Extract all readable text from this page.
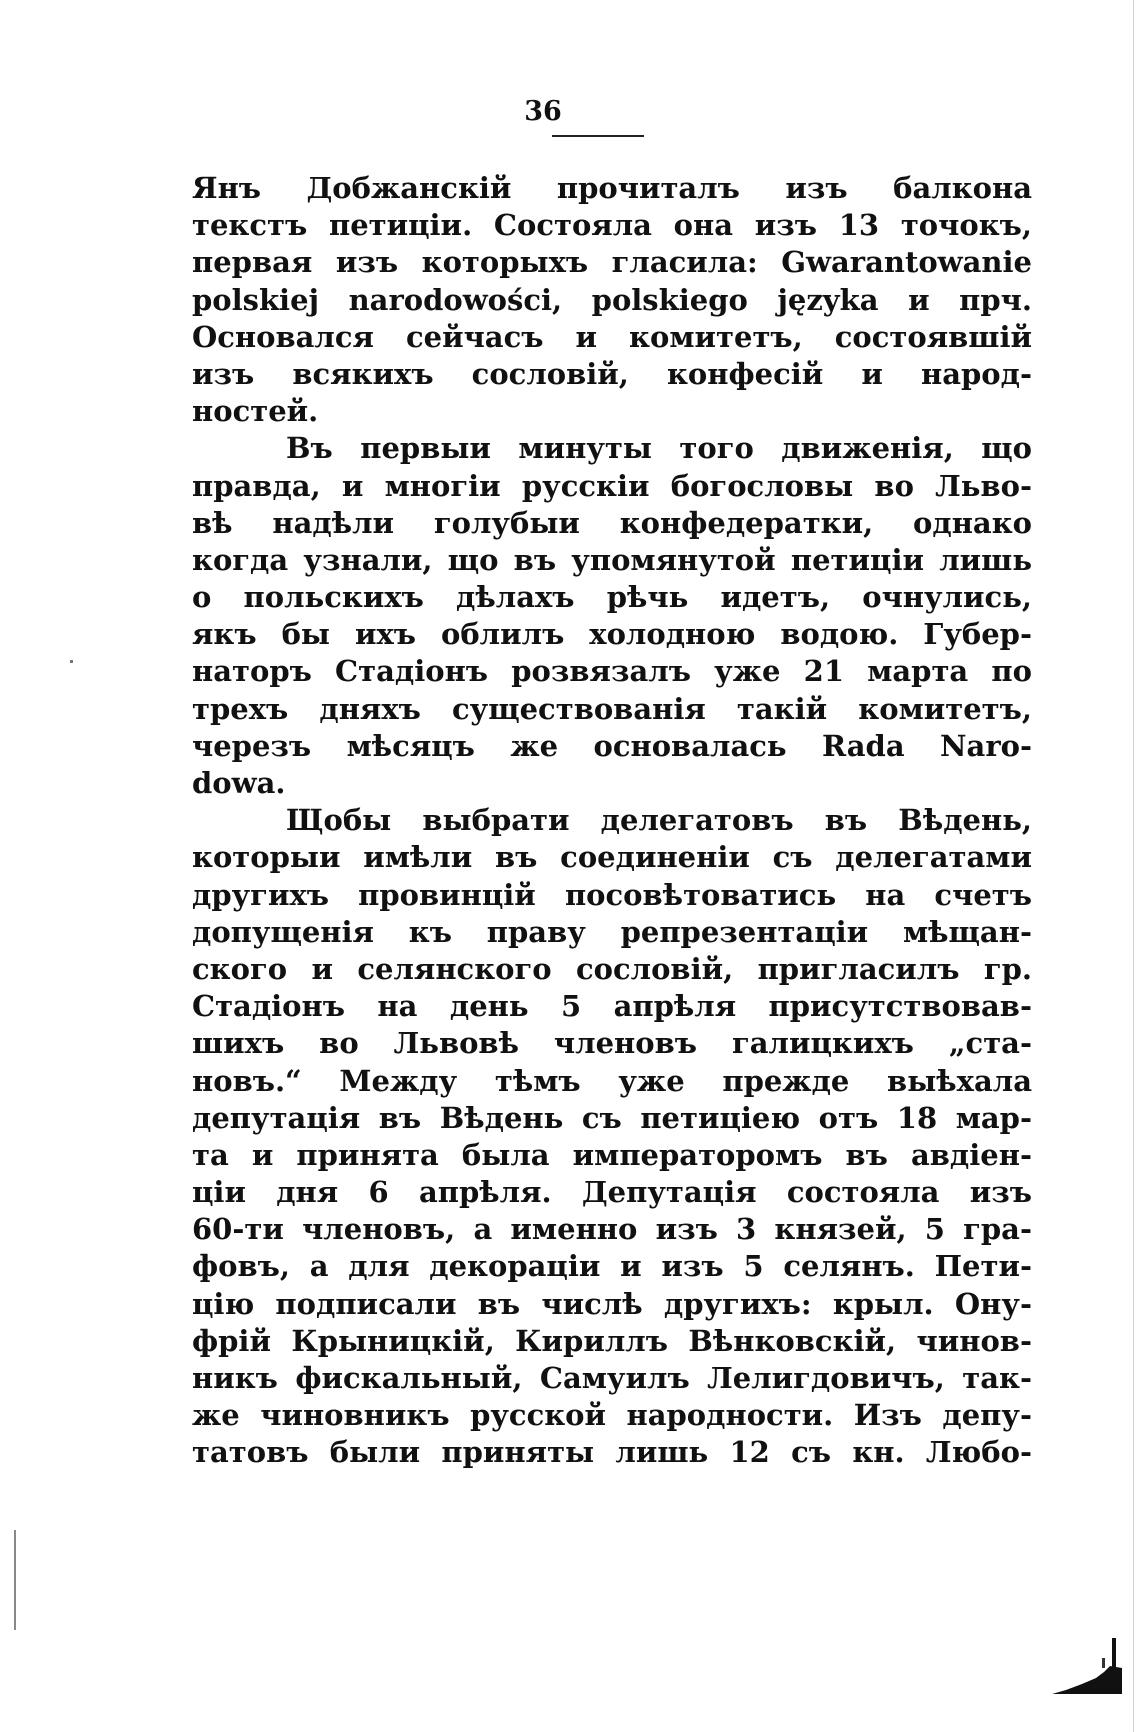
36
Янъ Добжанскій прочиталъ изъ балкона
текстъ петиціи. Состояла она изъ 13 точокъ,
первая изъ которыхъ гласила: Gwarantowanie
polskiej narodowości, polskiego języka и прч.
Основался сейчасъ и комитетъ, состоявшій
изъ всякихъ сословій, конфесій и народ-
ностей.
Въ первыи минуты того движенія, що
правда, и многіи русскіи богословы во Льво-
вѣ надѣли голубыи конфедератки, однако
когда узнали, що въ упомянутой петиціи лишь
о польскихъ дѣлахъ рѣчь идетъ, очнулись,
якъ бы ихъ облилъ холодною водою. Губер-
наторъ Стадіонъ розвязалъ уже 21 марта по
трехъ дняхъ существованія такій комитетъ,
черезъ мѣсяцъ же основалась Rada Naro-
dowa.
Щобы выбрати делегатовъ въ Вѣдень,
которыи имѣли въ соединеніи съ делегатами
другихъ провинцій посовѣтоватись на счетъ
допущенія къ праву репрезентаціи мѣщан-
ского и селянского сословій, пригласилъ гр.
Стадіонъ на день 5 апрѣля присутствовав-
шихъ во Львовѣ членовъ галицкихъ „ста-
новъ.“ Между тѣмъ уже прежде выѣхала
депутація въ Вѣдень съ петиціею отъ 18 мар-
та и принята была императоромъ въ авдіен-
ціи дня 6 апрѣля. Депутація состояла изъ
60-ти членовъ, а именно изъ 3 князей, 5 гра-
фовъ, а для декораціи и изъ 5 селянъ. Пети-
цію подписали въ числѣ другихъ: крыл. Ону-
фрій Крыницкій, Кириллъ Вѣнковскій, чинов-
никъ фискальный, Самуилъ Лелигдовичъ, так-
же чиновникъ русской народности. Изъ депу-
татовъ были приняты лишь 12 съ кн. Любо-
